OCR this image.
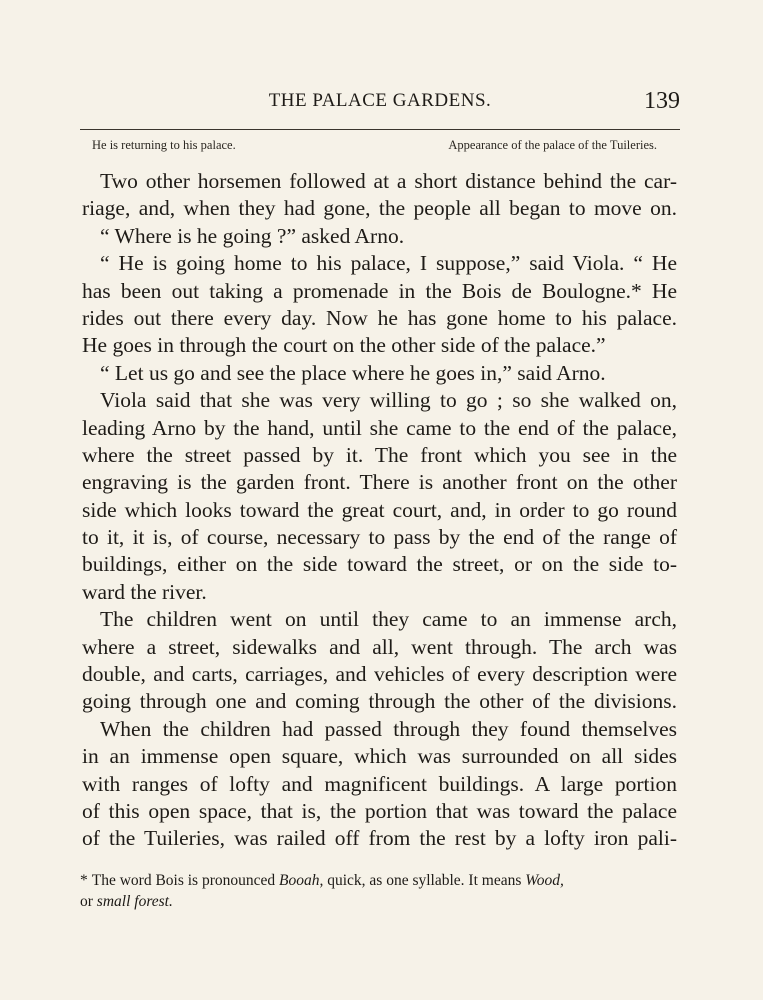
THE PALACE GARDENS.	139
He is returning to his palace.	Appearance of the palace of the Tuileries.
Two other horsemen followed at a short distance behind the car-
riage, and, when they had gone, the people all began to move on.
“ Where is he going ?” asked Arno.
“ He is going home to his palace, I suppose,” said Viola. “ He
has been out taking a promenade in the Bois de Boulogne.* He
rides out there every day. Now he has gone home to his palace.
He goes in through the court on the other side of the palace.”
“ Let us go and see the place where he goes in,” said Arno.
Viola said that she was very willing to go ; so she walked on,
leading Arno by the hand, until she came to the end of the palace,
where the street passed by it. The front which you see in the
engraving is the garden front. There is another front on the other
side which looks toward the great court, and, in order to go round
to it, it is, of course, necessary to pass by the end of the range of
buildings, either on the side toward the street, or on the side to-
ward the river.
The children went on until they came to an immense arch,
where a street, sidewalks and all, went through. The arch was
double, and carts, carriages, and vehicles of every description were
going through one and coming through the other of the divisions.
When the children had passed through they found themselves
in an immense open square, which was surrounded on all sides
with ranges of lofty and magnificent buildings. A large portion
of this open space, that is, the portion that was toward the palace
of the Tuileries, was railed off from the rest by a lofty iron pali-
* The word Bois is pronounced Booah, quick, as one syllable. It means Wood,
or small forest.
